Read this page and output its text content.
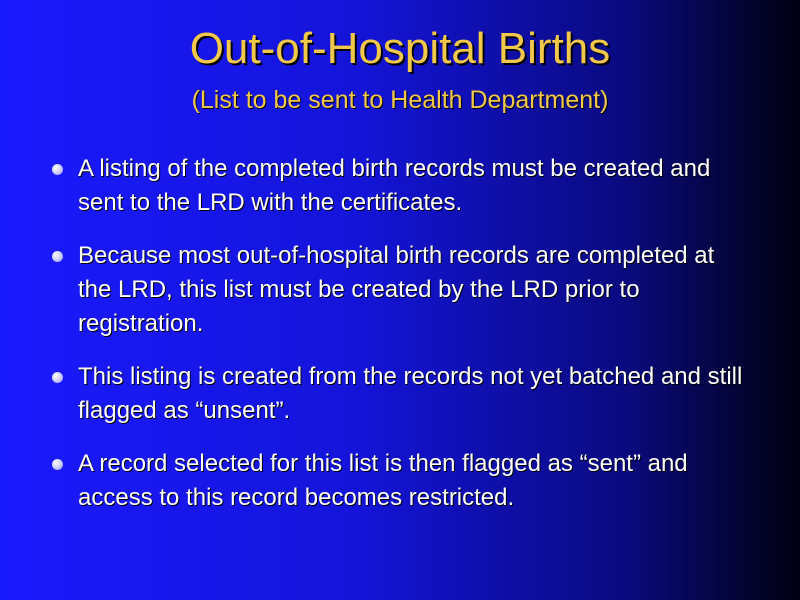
Out-of-Hospital Births
(List to be sent to Health Department)
A listing of the completed birth records must be created and sent to the LRD with the certificates.
Because most out-of-hospital birth records are completed at the LRD, this list must be created by the LRD prior to registration.
This listing is created from the records not yet batched and still flagged as “unsent”.
A record selected for this list is then flagged as “sent” and access to this record becomes restricted.
